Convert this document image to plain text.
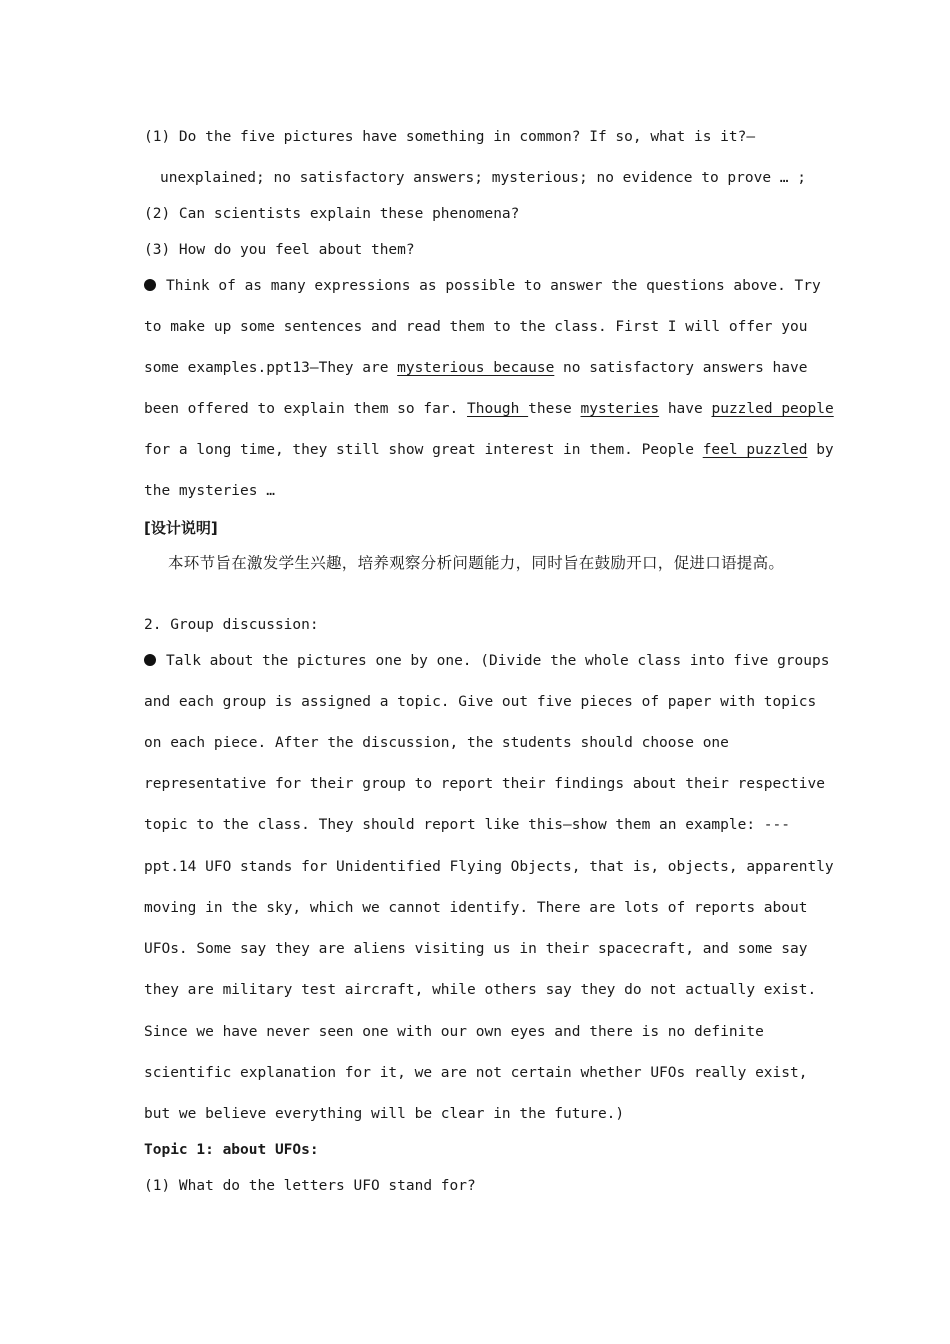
(1) Do the five pictures have something in common? If so, what is it?—
unexplained; no satisfactory answers; mysterious; no evidence to prove … ;
(2) Can scientists explain these phenomena?
(3) How do you feel about them?
Think of as many expressions as possible to answer the questions above. Try
to make up some sentences and read them to the class. First I will offer you
some examples.ppt13—They are mysterious because no satisfactory answers have
been offered to explain them so far. Though these mysteries have puzzled people
for a long time, they still show great interest in them. People feel puzzled by
the mysteries …
[设计说明]
本环节旨在激发学生兴趣，培养观察分析问题能力，同时旨在鼓励开口，促进口语提高。
2. Group discussion:
Talk about the pictures one by one. (Divide the whole class into five groups
and each group is assigned a topic. Give out five pieces of paper with topics
on each piece. After the discussion, the students should choose one
representative for their group to report their findings about their respective
topic to the class. They should report like this—show them an example: ---
ppt.14 UFO stands for Unidentified Flying Objects, that is, objects, apparently
moving in the sky, which we cannot identify. There are lots of reports about
UFOs. Some say they are aliens visiting us in their spacecraft, and some say
they are military test aircraft, while others say they do not actually exist.
Since we have never seen one with our own eyes and there is no definite
scientific explanation for it, we are not certain whether UFOs really exist,
but we believe everything will be clear in the future.)
Topic 1: about UFOs:
(1) What do the letters UFO stand for?
